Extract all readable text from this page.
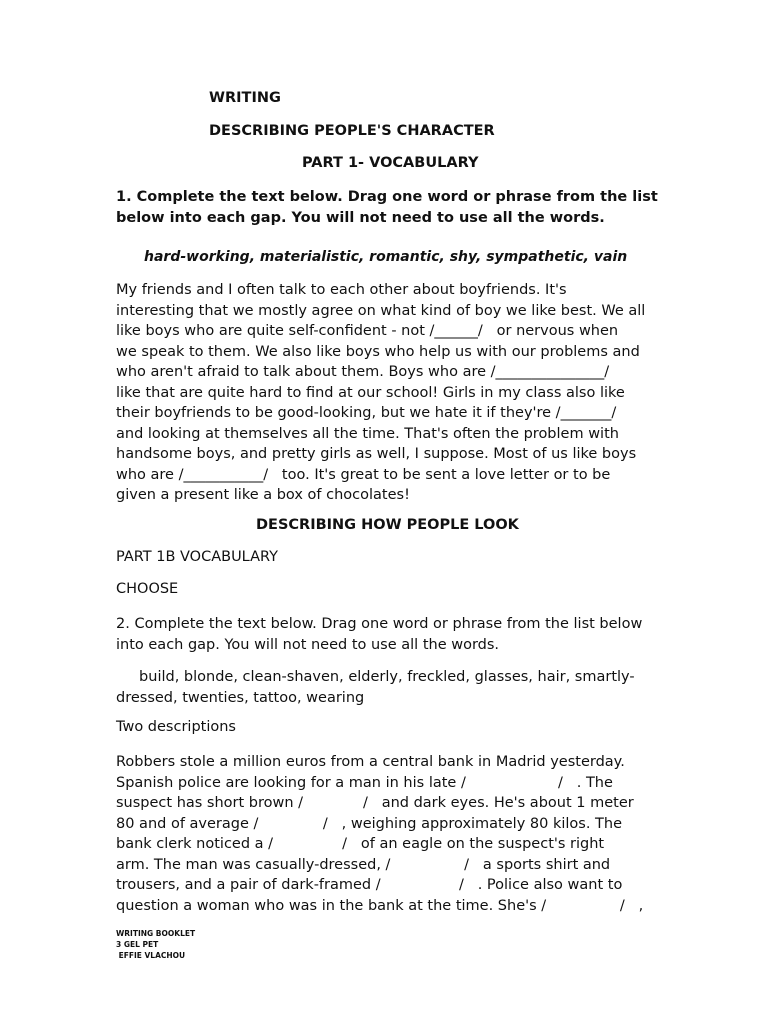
WRITING
DESCRIBING PEOPLE'S CHARACTER
PART 1- VOCABULARY
1. Complete the text below. Drag one word or phrase from the list
below into each gap. You will not need to use all the words.
hard-working, materialistic, romantic, shy, sympathetic, vain
My friends and I often talk to each other about boyfriends. It's
interesting that we mostly agree on what kind of boy we like best. We all
like boys who are quite self-confident - not /______/   or nervous when
we speak to them. We also like boys who help us with our problems and
who aren't afraid to talk about them. Boys who are /_______________/
like that are quite hard to find at our school! Girls in my class also like
their boyfriends to be good-looking, but we hate it if they're /_______/
and looking at themselves all the time. That's often the problem with
handsome boys, and pretty girls as well, I suppose. Most of us like boys
who are /___________/   too. It's great to be sent a love letter or to be
given a present like a box of chocolates!
DESCRIBING HOW PEOPLE LOOK
PART 1B VOCABULARY
CHOOSE
2. Complete the text below. Drag one word or phrase from the list below
into each gap. You will not need to use all the words.
build, blonde, clean-shaven, elderly, freckled, glasses, hair, smartly-
dressed, twenties, tattoo, wearing
Two descriptions
Robbers stole a million euros from a central bank in Madrid yesterday.
Spanish police are looking for a man in his late /                    /   . The
suspect has short brown /             /   and dark eyes. He's about 1 meter
80 and of average /              /   , weighing approximately 80 kilos. The
bank clerk noticed a /               /   of an eagle on the suspect's right
arm. The man was casually-dressed, /                /   a sports shirt and
trousers, and a pair of dark-framed /                 /   . Police also want to
question a woman who was in the bank at the time. She's /                /   ,
WRITING BOOKLET
3 GEL PET
EFFIE VLACHOU
